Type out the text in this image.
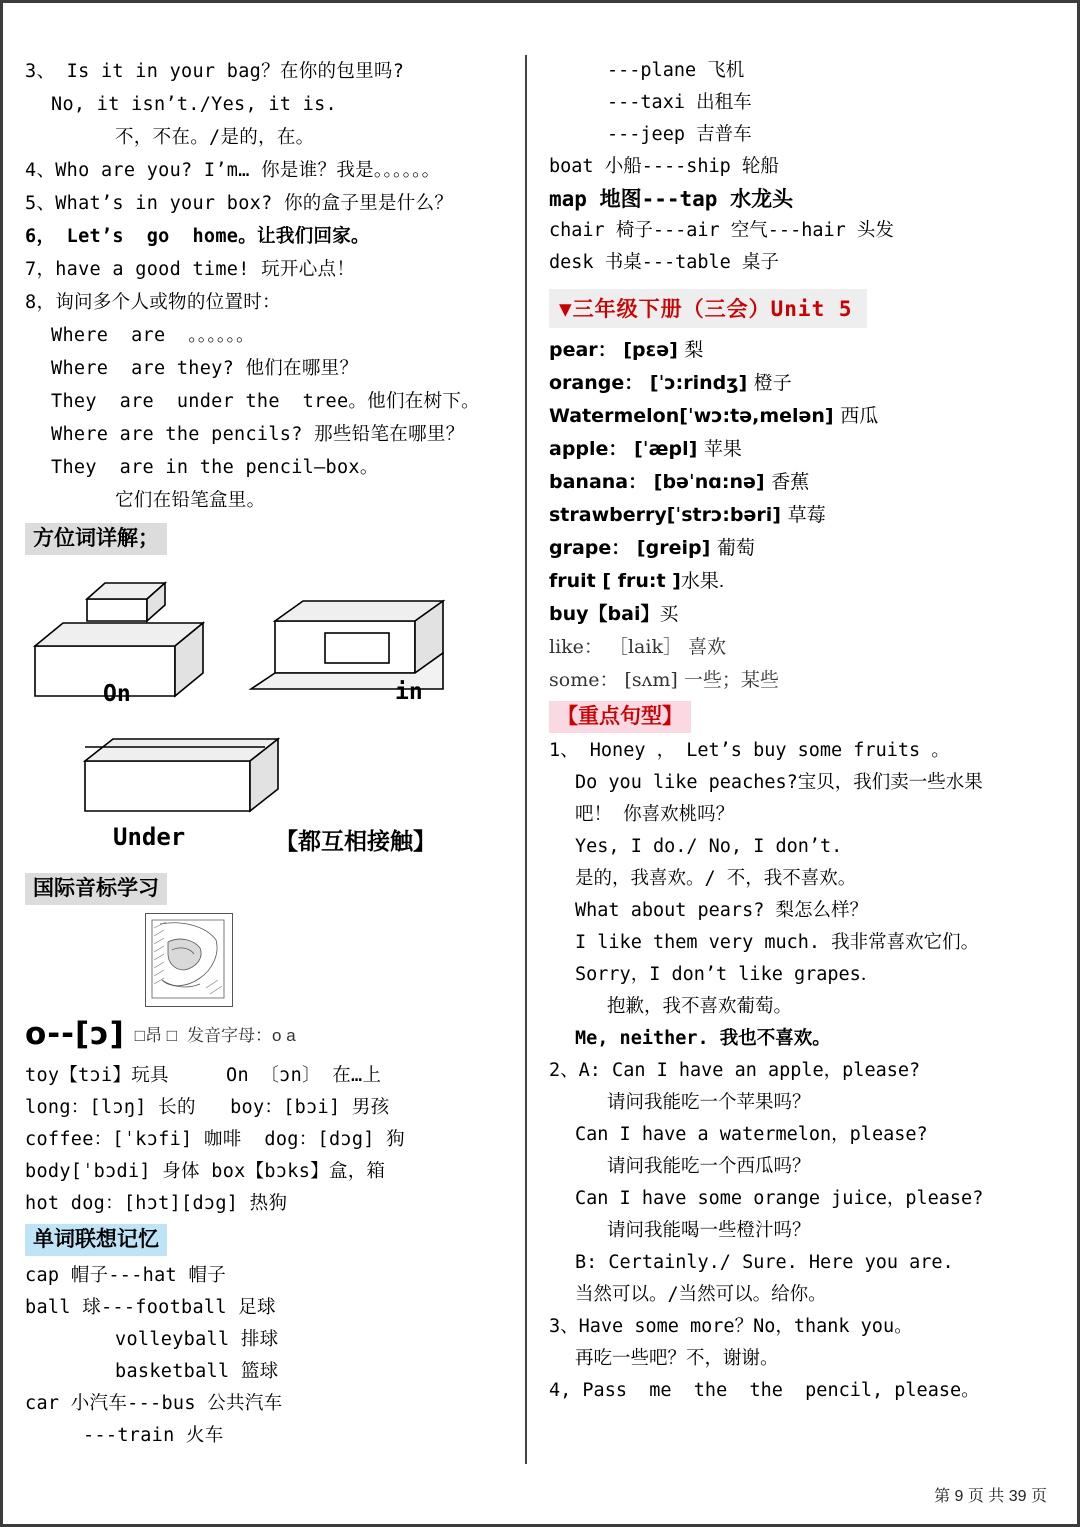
3、 Is it in your bag？在你的包里吗?
No, it isn’t./Yes, it is.
不，不在。/是的，在。
4、Who are you? I’m… 你是谁？我是。。。。。。
5、What’s in your box? 你的盒子里是什么？
6， Let’s  go  home。让我们回家。
7，have a good time! 玩开心点！
8，询问多个人或物的位置时：
Where  are  。。。。。。
Where  are they? 他们在哪里？
They  are  under the  tree。他们在树下。
Where are the pencils? 那些铅笔在哪里？
They  are in the pencil—box。
它们在铅笔盒里。
方位词详解；
On	in
Under	【都互相接触】
国际音标学习
o--[ɔ] □昂 □ 发音字母：o a
toy【tɔi】玩具     On 〔ɔn〕 在…上
long：[lɔŋ] 长的   boy：[bɔi] 男孩
coffee：[ˈkɔfi] 咖啡  dog：[dɔg] 狗
body[ˈbɔdi] 身体 box【bɔks】盒，箱
hot dog：[hɔt][dɔg] 热狗
单词联想记忆
cap 帽子---hat 帽子
ball 球---football 足球
volleyball 排球
basketball 篮球
car 小汽车---bus 公共汽车
---train 火车
---plane 飞机
---taxi 出租车
---jeep 吉普车
boat 小船----ship 轮船
map 地图---tap 水龙头
chair 椅子---air 空气---hair 头发
desk 书桌---table 桌子
▼三年级下册（三会）Unit 5
pear： [pɛə] 梨
orange： [ˈɔ:rindʒ] 橙子
Watermelon[ˈwɔ:tə,melən] 西瓜
apple： [ˈæpl] 苹果
banana： [bəˈnɑ:nə] 香蕉
strawberry[ˈstrɔ:bəri] 草莓
grape： [greip] 葡萄
fruit [ fru:t ]水果.
buy【bai】买
like： ［laik］ 喜欢
some： [sʌm] 一些；某些
【重点句型】
1、 Honey ， Let’s buy some fruits 。
Do you like peaches?宝贝，我们卖一些水果
吧！ 你喜欢桃吗？
Yes, I do./ No, I don’t.
是的，我喜欢。/ 不，我不喜欢。
What about pears? 梨怎么样？
I like them very much. 我非常喜欢它们。
Sorry，I don’t like grapes．
抱歉，我不喜欢葡萄。
Me, neither. 我也不喜欢。
2、A: Can I have an apple，please?
请问我能吃一个苹果吗？
Can I have a watermelon，please?
请问我能吃一个西瓜吗？
Can I have some orange juice，please?
请问我能喝一些橙汁吗？
B: Certainly./ Sure. Here you are.
当然可以。/当然可以。给你。
3、Have some more？No，thank you。
再吃一些吧？不，谢谢。
4, Pass  me  the  the  pencil, please。
第 9 页 共 39 页
